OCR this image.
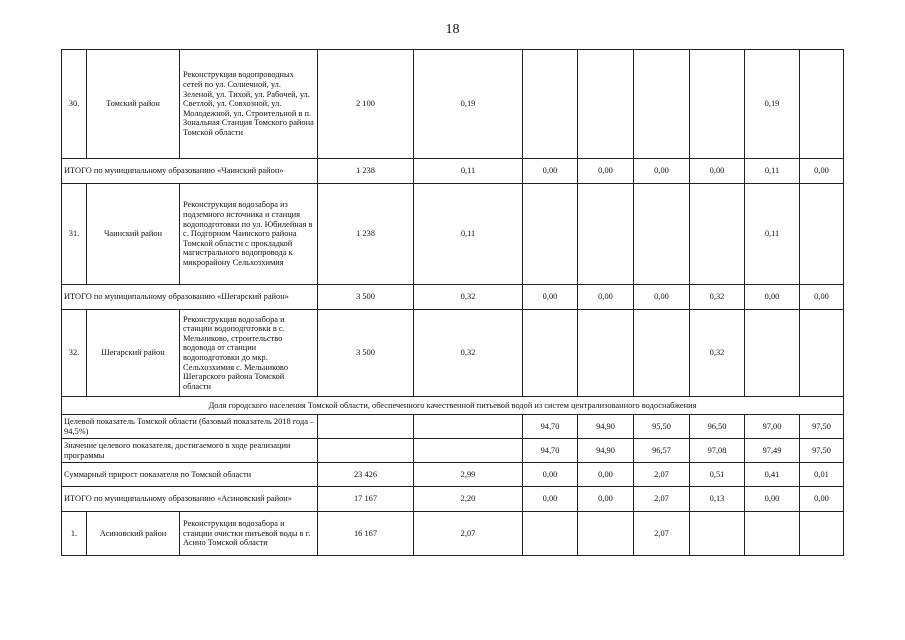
18
30.	Томский район	Реконструкция водопроводных сетей по ул. Солнечной, ул. Зеленой, ул. Тихой, ул. Рабочей, ул. Светлой, ул. Совхозной, ул. Молодежной, ул. Строительной в п. Зональная Станция Томского района Томской области	2 100	0,19					0,19	
ИТОГО по муниципальному образованию «Чаинский район»			1 238	0,11	0,00	0,00	0,00	0,00	0,11	0,00
31.	Чаинский район	Реконструкция водозабора из подземного источника и станция водоподготовки по ул. Юбилейная в с. Подгорном Чаинского района Томской области с прокладкой магистрального водопровода к микрорайону Сельхозхимия	1 238	0,11					0,11	
ИТОГО по муниципальному образованию «Шегарский район»			3 500	0,32	0,00	0,00	0,00	0,32	0,00	0,00
32.	Шегарский район	Реконструкция водозабора и станции водоподготовки в с. Мельниково, строительство водовода от станции водоподготовки до мкр. Сельхозхимия с. Мельниково Шегарского района Томской области	3 500	0,32				0,32		
Доля городского населения Томской области, обеспеченного качественной питьевой водой из систем централизованного водоснабжения										
Целевой показатель Томской области (базовый показатель 2018 года – 94,5%)					94,70	94,90	95,50	96,50	97,00	97,50
Значение целевого показателя, достигаемого в ходе реализации программы					94,70	94,90	96,57	97,08	97,49	97,50
Суммарный прирост показателя по Томской области			23 426	2,99	0,00	0,00	2,07	0,51	0,41	0,01
ИТОГО по муниципальному образованию «Асиновский район»			17 167	2,20	0,00	0,00	2,07	0,13	0,00	0,00
1.	Асиновский район	Реконструкция водозабора и станции очистки питьевой воды в г. Асино Томской области	16 167	2,07			2,07			
